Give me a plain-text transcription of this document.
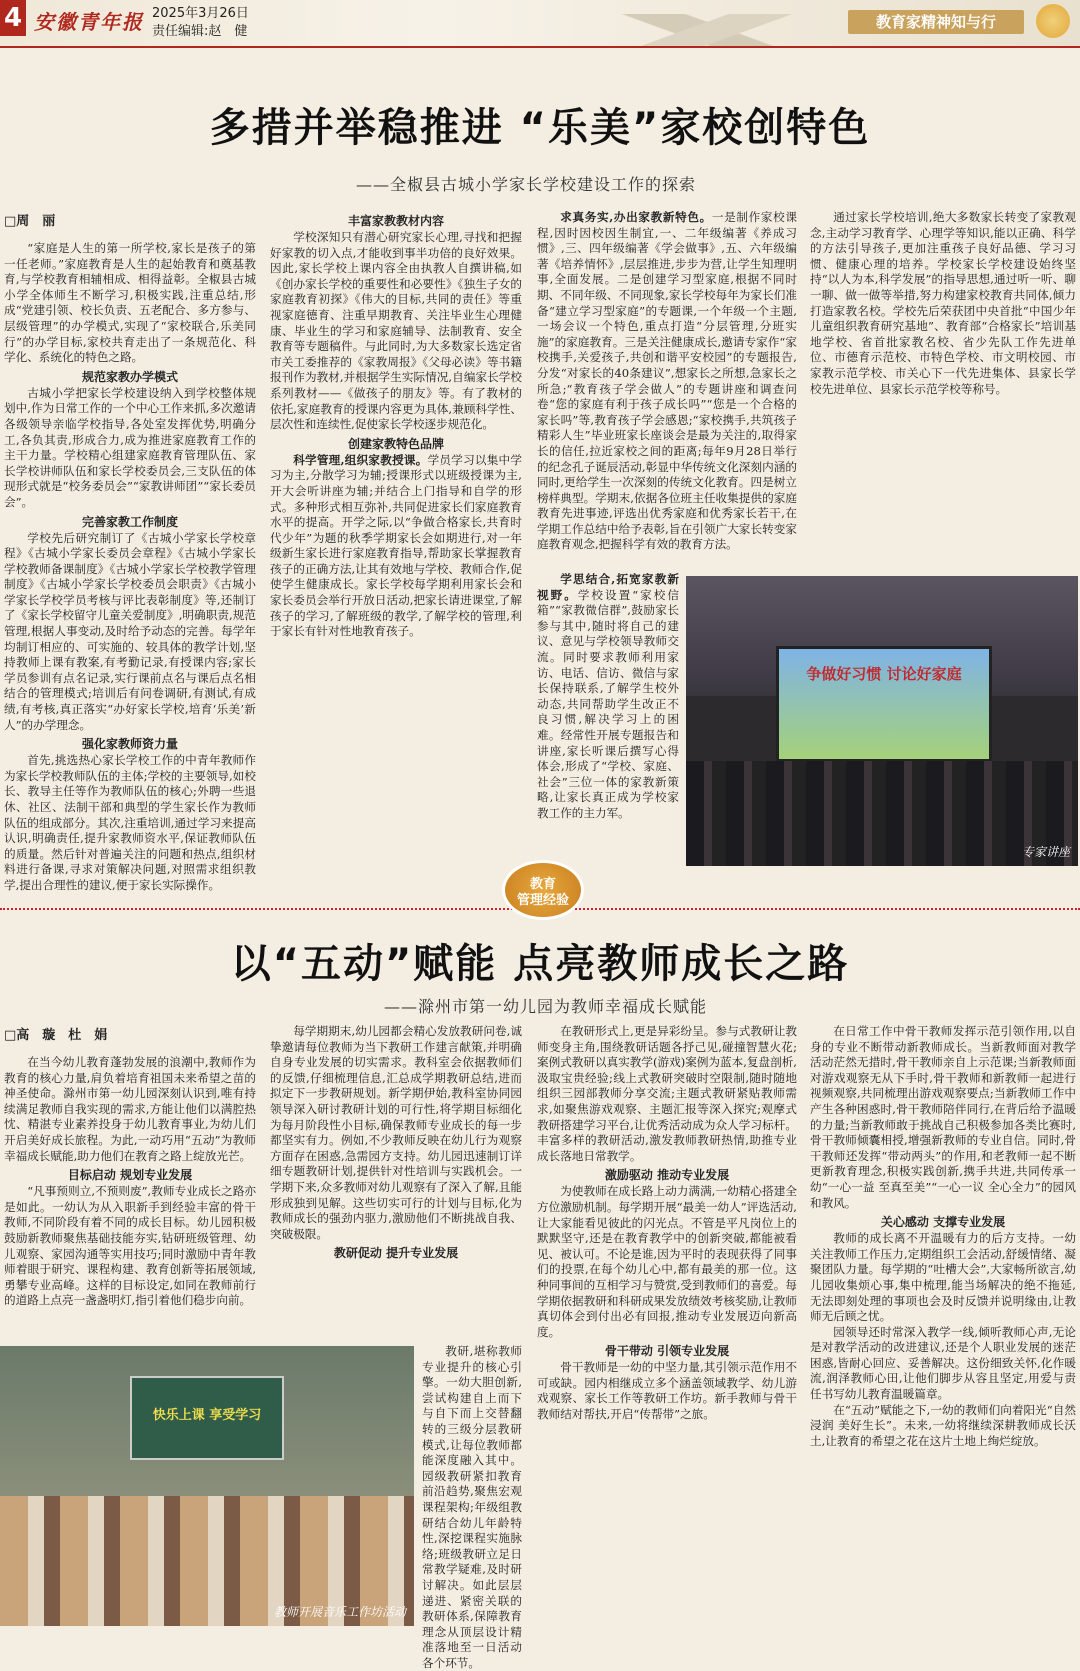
4 安徽青年报 2025年3月26日
责任编辑:赵　健
教育家精神知与行
多措并举稳推进 “乐美”家校创特色
——全椒县古城小学家长学校建设工作的探索

□周　丽

“家庭是人生的第一所学校,家长是孩子的第一任老师。”家庭教育是人生的起始教育和奠基教育,与学校教育相辅相成、相得益彰。全椒县古城小学全体师生不断学习,积极实践,注重总结,形成“党建引领、校长负责、五老配合、多方参与、层级管理”的办学模式,实现了“家校联合,乐美同行”的办学目标,家校共育走出了一条规范化、科学化、系统化的特色之路。

规范家教办学模式

古城小学把家长学校建设纳入到学校整体规划中,作为日常工作的一个中心工作来抓,多次邀请各级领导亲临学校指导,各处室发挥优势,明确分工,各负其责,形成合力,成为推进家庭教育工作的主干力量。学校精心组建家庭教育管理队伍、家长学校讲师队伍和家长学校委员会,三支队伍的体现形式就是“校务委员会”“家教讲师团”“家长委员会”。

完善家教工作制度

学校先后研究制订了《古城小学家长学校章程》《古城小学家长委员会章程》《古城小学家长学校教师备课制度》《古城小学家长学校教学管理制度》《古城小学家长学校委员会职责》《古城小学家长学校学员考核与评比表彰制度》等,还制订了《家长学校留守儿童关爱制度》,明确职责,规范管理,根据人事变动,及时给予动态的完善。每学年均制订相应的、可实施的、较具体的教学计划,坚持教师上课有教案,有考勤记录,有授课内容;家长学员参训有点名记录,实行课前点名与课后点名相结合的管理模式;培训后有问卷调研,有测试,有成绩,有考核,真正落实“办好家长学校,培育‘乐美’新人”的办学理念。

强化家教师资力量

首先,挑选热心家长学校工作的中青年教师作为家长学校教师队伍的主体;学校的主要领导,如校长、教导主任等作为教师队伍的核心;外聘一些退休、社区、法制干部和典型的学生家长作为教师队伍的组成部分。其次,注重培训,通过学习来提高认识,明确责任,提升家教师资水平,保证教师队伍的质量。然后针对普遍关注的问题和热点,组织材料进行备课,寻求对策解决问题,对照需求组织教学,提出合理性的建议,便于家长实际操作。

丰富家教教材内容

学校深知只有潜心研究家长心理,寻找和把握好家教的切入点,才能收到事半功倍的良好效果。因此,家长学校上课内容全由执教人自撰讲稿,如《创办家长学校的重要性和必要性》《独生子女的家庭教育初探》《伟大的目标,共同的责任》等重视家庭德育、注重早期教育、关注毕业生心理健康、毕业生的学习和家庭辅导、法制教育、安全教育等专题稿件。与此同时,为大多数家长选定省市关工委推荐的《家教周报》《父母必读》等书籍报刊作为教材,并根据学生实际情况,自编家长学校系列教材——《做孩子的朋友》等。有了教材的依托,家庭教育的授课内容更为具体,兼顾科学性、层次性和连续性,促使家长学校逐步规范化。

创建家教特色品牌

科学管理,组织家教授课。学员学习以集中学习为主,分散学习为辅;授课形式以班级授课为主,开大会听讲座为辅;并结合上门指导和自学的形式。多种形式相互弥补,共同促进家长们家庭教育水平的提高。开学之际,以“争做合格家长,共育时代少年”为题的秋季学期家长会如期进行,对一年级新生家长进行家庭教育指导,帮助家长掌握教育孩子的正确方法,让其有效地与学校、教师合作,促使学生健康成长。家长学校每学期利用家长会和家长委员会举行开放日活动,把家长请进课堂,了解孩子的学习,了解班级的教学,了解学校的管理,利于家长有针对性地教育孩子。

求真务实,办出家教新特色。一是制作家校课程,因时因校因生制宜,一、二年级编著《养成习惯》,三、四年级编著《学会做事》,五、六年级编著《培养情怀》,层层推进,步步为营,让学生知理明事,全面发展。二是创建学习型家庭,根据不同时期、不同年级、不同现象,家长学校每年为家长们准备“建立学习型家庭”的专题课,一个年级一个主题,一场会议一个特色,重点打造“分层管理,分班实施”的家庭教育。三是关注健康成长,邀请专家作“家校携手,关爱孩子,共创和谐平安校园”的专题报告,分发“对家长的40条建议”,想家长之所想,急家长之所急;“教育孩子学会做人”的专题讲座和调查问卷“您的家庭有利于孩子成长吗”“您是一个合格的家长吗”等,教育孩子学会感恩;“家校携手,共筑孩子精彩人生”毕业班家长座谈会是最为关注的,取得家长的信任,拉近家校之间的距离;每年9月28日举行的纪念孔子诞辰活动,彰显中华传统文化深刻内涵的同时,更给学生一次深刻的传统文化教育。四是树立榜样典型。学期末,依据各位班主任收集提供的家庭教育先进事迹,评选出优秀家庭和优秀家长若干,在学期工作总结中给予表彰,旨在引领广大家长转变家庭教育观念,把握科学有效的教育方法。

学思结合,拓宽家教新视野。学校设置“家校信箱”“家教微信群”,鼓励家长参与其中,随时将自己的建议、意见与学校领导教师交流。同时要求教师利用家访、电话、信访、微信与家长保持联系,了解学生校外动态,共同帮助学生改正不良习惯,解决学习上的困难。经常性开展专题报告和讲座,家长听课后撰写心得体会,形成了“学校、家庭、社会”三位一体的家教新策略,让家长真正成为学校家教工作的主力军。

通过家长学校培训,绝大多数家长转变了家教观念,主动学习教育学、心理学等知识,能以正确、科学的方法引导孩子,更加注重孩子良好品德、学习习惯、健康心理的培养。学校家长学校建设始终坚持“以人为本,科学发展”的指导思想,通过听一听、聊一聊、做一做等举措,努力构建家校教育共同体,倾力打造家教名校。学校先后荣获团中央首批“中国少年儿童组织教育研究基地”、教育部“合格家长”培训基地学校、省首批家教名校、省少先队工作先进单位、市德育示范校、市特色学校、市文明校园、市家教示范学校、市关心下一代先进集体、县家长学校先进单位、县家长示范学校等称号。

争做好习惯 讨论好家庭
专家讲座
教育
管理经验
以“五动”赋能 点亮教师成长之路
——滁州市第一幼儿园为教师幸福成长赋能

□高　璇　杜　娟

在当今幼儿教育蓬勃发展的浪潮中,教师作为教育的核心力量,肩负着培育祖国未来希望之苗的神圣使命。滁州市第一幼儿园深刻认识到,唯有持续满足教师自我实现的需求,方能让他们以满腔热忱、精湛专业素养投身于幼儿教育事业,为幼儿们开启美好成长旅程。为此,一动巧用“五动”为教师幸福成长赋能,助力他们在教育之路上绽放光芒。

目标启动 规划专业发展

“凡事预则立,不预则废”,教师专业成长之路亦是如此。一幼认为从入职新手到经验丰富的骨干教师,不同阶段有着不同的成长目标。幼儿园积极鼓励新教师聚焦基础技能夯实,钻研班级管理、幼儿观察、家园沟通等实用技巧;同时激励中青年教师着眼于研究、课程构建、教育创新等拓展领域,勇攀专业高峰。这样的目标设定,如同在教师前行的道路上点亮一盏盏明灯,指引着他们稳步向前。

每学期期末,幼儿园都会精心发放教研问卷,诚挚邀请每位教师为当下教研工作建言献策,并明确自身专业发展的切实需求。教科室会依据教师们的反馈,仔细梳理信息,汇总成学期教研总结,进而拟定下一步教研规划。新学期伊始,教科室协同园领导深入研讨教研计划的可行性,将学期目标细化为每月阶段性小目标,确保教师专业成长的每一步都坚实有力。例如,不少教师反映在幼儿行为观察方面存在困惑,急需园方支持。幼儿园迅速制订详细专题教研计划,提供针对性培训与实践机会。一学期下来,众多教师对幼儿观察有了深入了解,且能形成独到见解。这些切实可行的计划与目标,化为教师成长的强劲内驱力,激励他们不断挑战自我、突破极限。

教研促动 提升专业发展

教研,堪称教师专业提升的核心引擎。一幼大胆创新,尝试构建自上而下与自下而上交替翻转的三级分层教研模式,让每位教师都能深度融入其中。园级教研紧扣教育前沿趋势,聚焦宏观课程架构;年级组教研结合幼儿年龄特性,深挖课程实施脉络;班级教研立足日常教学疑难,及时研讨解决。如此层层递进、紧密关联的教研体系,保障教育理念从顶层设计精准落地至一日活动各个环节。

在教研形式上,更是异彩纷呈。参与式教研让教师变身主角,围绕教研话题各抒己见,碰撞智慧火花;案例式教研以真实教学(游戏)案例为蓝本,复盘剖析,汲取宝贵经验;线上式教研突破时空限制,随时随地组织三园部教师分享交流;主题式教研紧贴教师需求,如聚焦游戏观察、主题汇报等深入探究;观摩式教研搭建学习平台,让优秀活动成为众人学习标杆。丰富多样的教研活动,激发教师教研热情,助推专业成长落地日常教学。

激励驱动 推动专业发展

为使教师在成长路上动力满满,一幼精心搭建全方位激励机制。每学期开展“最美一幼人”评选活动,让大家能看见彼此的闪光点。不管是平凡岗位上的默默坚守,还是在教育教学中的创新突破,都能被看见、被认可。不论是谁,因为平时的表现获得了同事们的投票,在每个幼儿心中,都有最美的那一位。这种同事间的互相学习与赞赏,受到教师们的喜爱。每学期依据教研和科研成果发放绩效考核奖励,让教师真切体会到付出必有回报,推动专业发展迈向新高度。

骨干带动 引领专业发展

骨干教师是一幼的中坚力量,其引领示范作用不可或缺。园内相继成立多个涵盖领域教学、幼儿游戏观察、家长工作等教研工作坊。新手教师与骨干教师结对帮扶,开启“传帮带”之旅。

在日常工作中骨干教师发挥示范引领作用,以自身的专业不断带动新教师成长。当新教师面对教学活动茫然无措时,骨干教师亲自上示范课;当新教师面对游戏观察无从下手时,骨干教师和新教师一起进行视频观察,共同梳理出游戏观察要点;当新教师工作中产生各种困惑时,骨干教师陪伴同行,在背后给予温暖的力量;当新教师敢于挑战自己积极参加各类比赛时,骨干教师倾囊相授,增强新教师的专业自信。同时,骨干教师还发挥“带动两头”的作用,和老教师一起不断更新教育理念,积极实践创新,携手共进,共同传承一幼“一心一益 至真至美”“一心一议 全心全力”的园风和教风。

关心感动 支撑专业发展

教师的成长离不开温暖有力的后方支持。一幼关注教师工作压力,定期组织工会活动,舒缓情绪、凝聚团队力量。每学期的“吐槽大会”,大家畅所欲言,幼儿园收集烦心事,集中梳理,能当场解决的绝不拖延,无法即刻处理的事项也会及时反馈并说明缘由,让教师无后顾之忧。

园领导还时常深入教学一线,倾听教师心声,无论是对教学活动的改进建议,还是个人职业发展的迷茫困惑,皆耐心回应、妥善解决。这份细致关怀,化作暖流,润泽教师心田,让他们脚步从容且坚定,用爱与责任书写幼儿教育温暖篇章。

在“五动”赋能之下,一幼的教师们向着阳光“自然浸润 美好生长”。未来,一幼将继续深耕教师成长沃土,让教育的希望之花在这片土地上绚烂绽放。

快乐上课 享受学习
教师开展音乐工作坊活动
